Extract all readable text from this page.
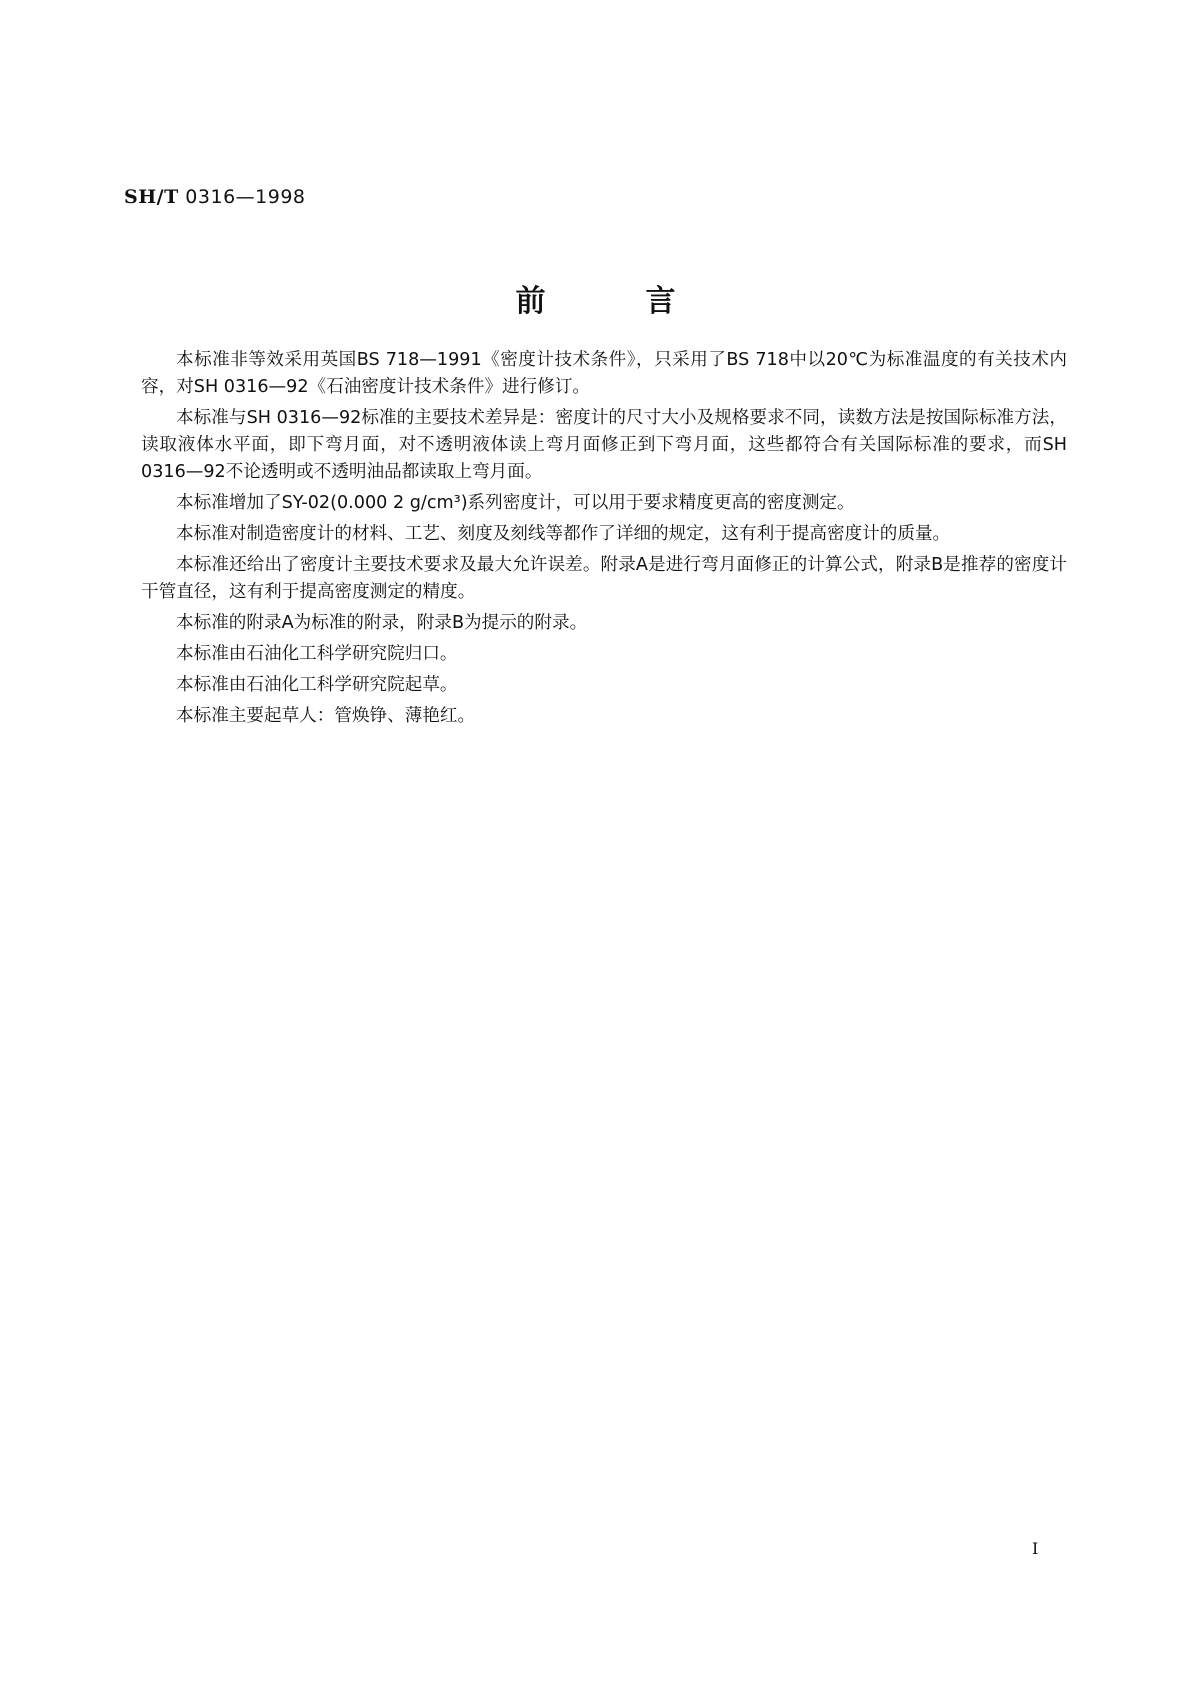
SH/T 0316—1998
前言

本标准非等效采用英国BS 718—1991《密度计技术条件》，只采用了BS 718中以20℃为标准温度的有关技术内容，对SH 0316—92《石油密度计技术条件》进行修订。

本标准与SH 0316—92标准的主要技术差异是：密度计的尺寸大小及规格要求不同，读数方法是按国际标准方法，读取液体水平面，即下弯月面，对不透明液体读上弯月面修正到下弯月面，这些都符合有关国际标准的要求，而SH 0316—92不论透明或不透明油品都读取上弯月面。

本标准增加了SY-02(0.000 2 g/cm³)系列密度计，可以用于要求精度更高的密度测定。

本标准对制造密度计的材料、工艺、刻度及刻线等都作了详细的规定，这有利于提高密度计的质量。

本标准还给出了密度计主要技术要求及最大允许误差。附录A是进行弯月面修正的计算公式，附录B是推荐的密度计干管直径，这有利于提高密度测定的精度。

本标准的附录A为标准的附录，附录B为提示的附录。

本标准由石油化工科学研究院归口。

本标准由石油化工科学研究院起草。

本标准主要起草人：管焕铮、薄艳红。

I
